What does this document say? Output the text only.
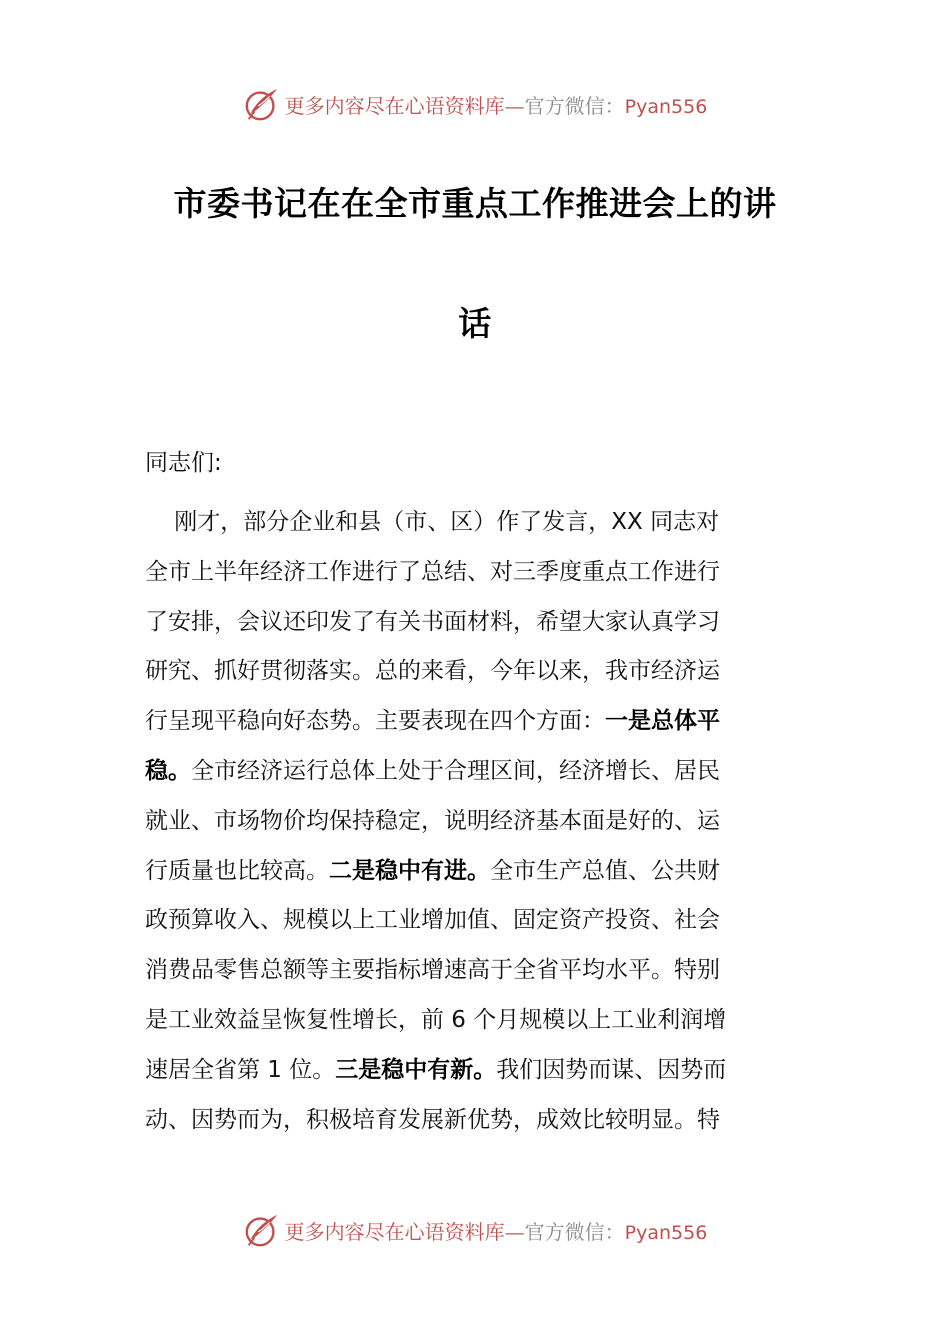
更多内容尽在心语资料库—官方微信：Pyan556
市委书记在在全市重点工作推进会上的讲
话
同志们:
刚才，部分企业和县（市、区）作了发言，XX 同志对
全市上半年经济工作进行了总结、对三季度重点工作进行
了安排，会议还印发了有关书面材料，希望大家认真学习
研究、抓好贯彻落实。总的来看，今年以来，我市经济运
行呈现平稳向好态势。主要表现在四个方面：一是总体平
稳。全市经济运行总体上处于合理区间，经济增长、居民
就业、市场物价均保持稳定，说明经济基本面是好的、运
行质量也比较高。二是稳中有进。全市生产总值、公共财
政预算收入、规模以上工业增加值、固定资产投资、社会
消费品零售总额等主要指标增速高于全省平均水平。特别
是工业效益呈恢复性增长，前 6 个月规模以上工业利润增
速居全省第 1 位。三是稳中有新。我们因势而谋、因势而
动、因势而为，积极培育发展新优势，成效比较明显。特
更多内容尽在心语资料库—官方微信：Pyan556
